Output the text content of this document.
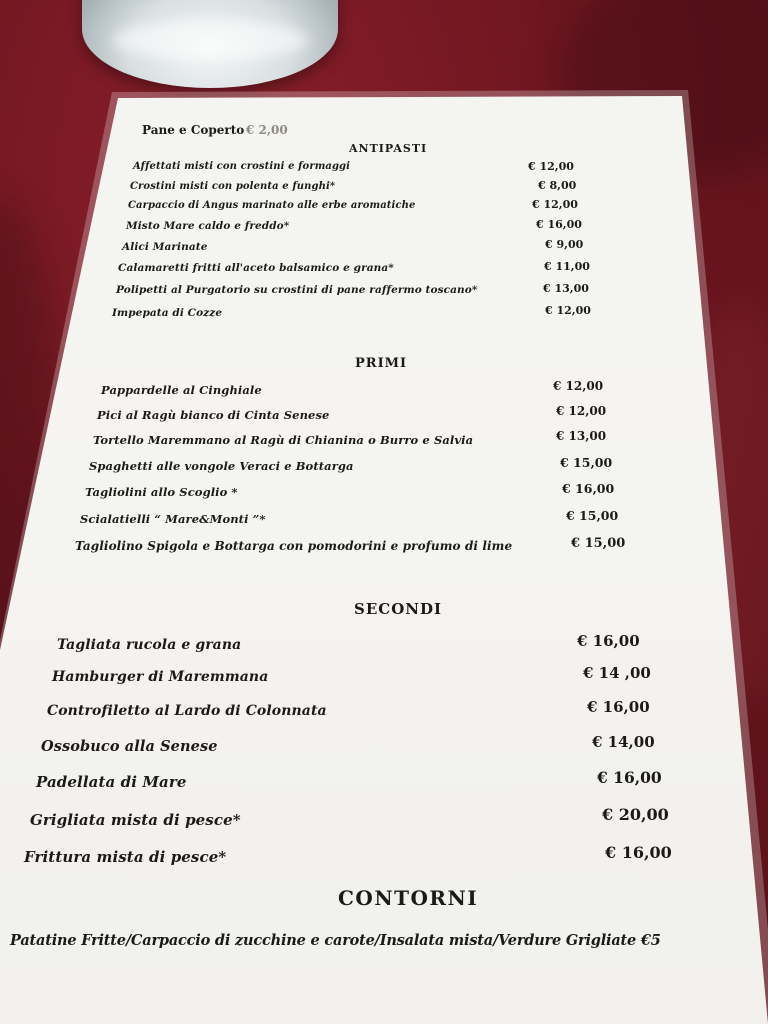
Pane e Coperto € 2,00
ANTIPASTI
Affettati misti con crostini e formaggi	€ 12,00
Crostini misti con polenta e funghi*	€ 8,00
Carpaccio di Angus marinato alle erbe aromatiche	€ 12,00
Misto Mare caldo e freddo*	€ 16,00
Alici Marinate	€ 9,00
Calamaretti fritti all'aceto balsamico e grana*	€ 11,00
Polipetti al Purgatorio su crostini di pane raffermo toscano*	€ 13,00
Impepata di Cozze	€ 12,00
PRIMI
Pappardelle al Cinghiale	€ 12,00
Pici al Ragù bianco di Cinta Senese	€ 12,00
Tortello Maremmano al Ragù di Chianina o Burro e Salvia	€ 13,00
Spaghetti alle vongole Veraci e Bottarga	€ 15,00
Tagliolini allo Scoglio *	€ 16,00
Scialatielli “ Mare&Monti ”*	€ 15,00
Tagliolino Spigola e Bottarga con pomodorini e profumo di lime	€ 15,00
SECONDI
Tagliata rucola e grana	€ 16,00
Hamburger di Maremmana	€ 14 ,00
Controfiletto al Lardo di Colonnata	€ 16,00
Ossobuco alla Senese	€ 14,00
Padellata di Mare	€ 16,00
Grigliata mista di pesce*	€ 20,00
Frittura mista di pesce*	€ 16,00
CONTORNI
Patatine Fritte/Carpaccio di zucchine e carote/Insalata mista/Verdure Grigliate €5
